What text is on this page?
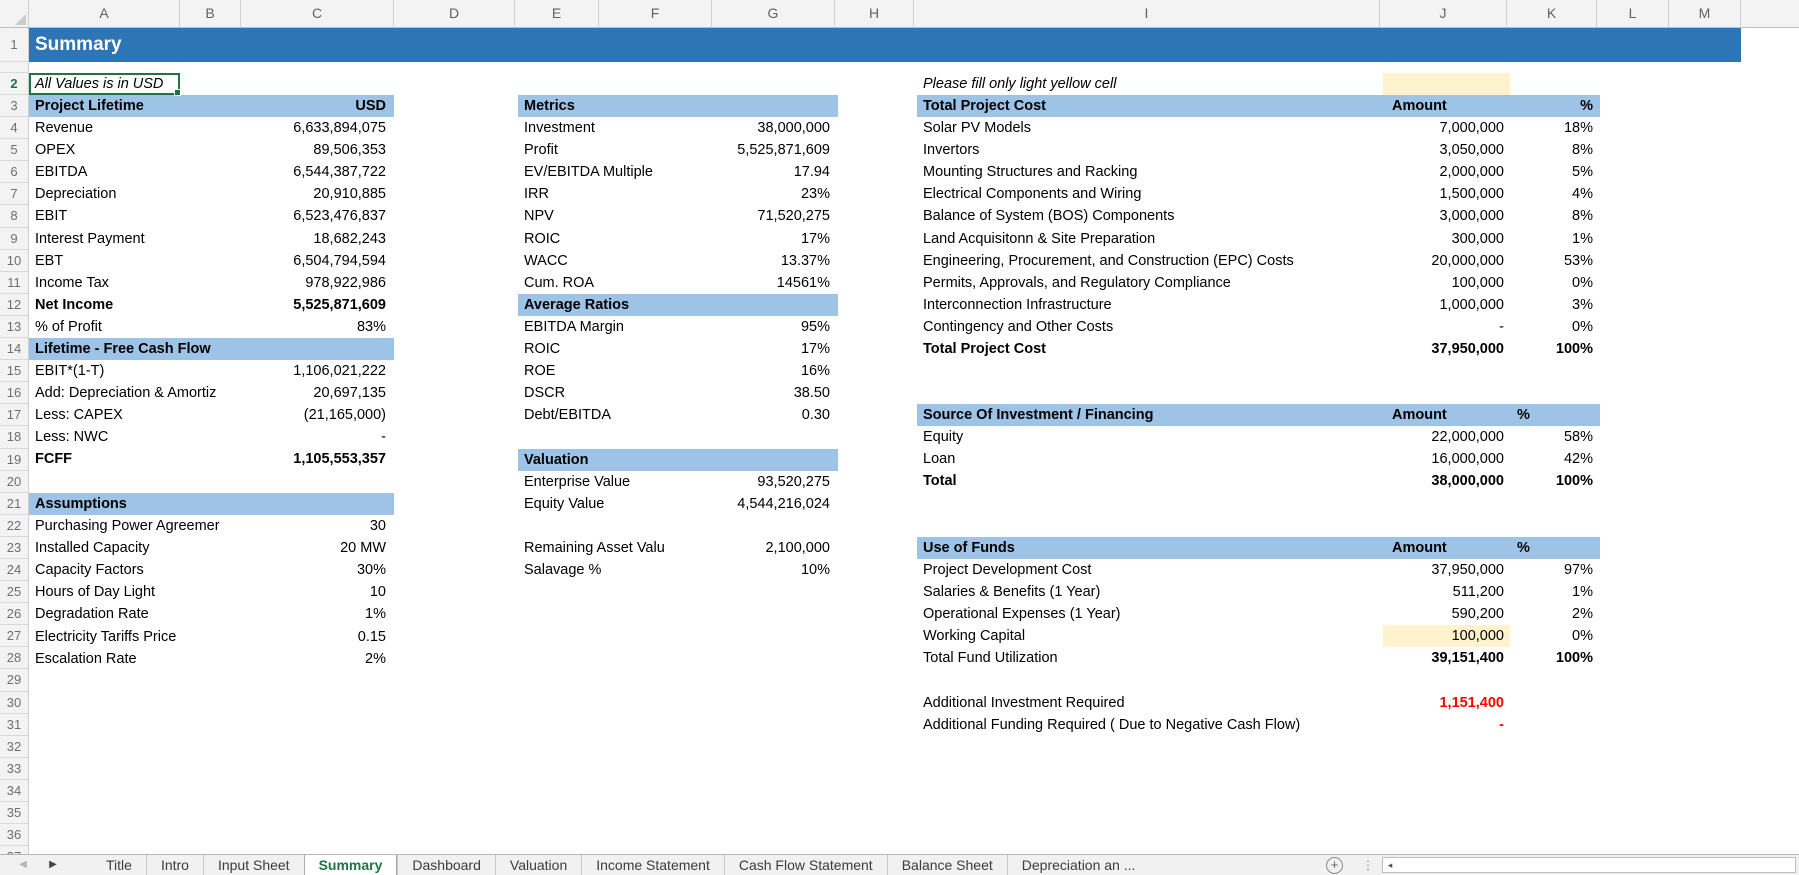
A	B	C	D	E	F	G	H	I	J	K	L	M
1
2
3
4
5
6
7
8
9
10
11
12
13
14
15
16
17
18
19
20
21
22
23
24
25
26
27
28
29
30
31
32
33
34
35
36
Summary
All Values is in USD	Please fill only light yellow cell
Project Lifetime	USD
Revenue	6,633,894,075
OPEX	89,506,353
EBITDA	6,544,387,722
Depreciation	20,910,885
EBIT	6,523,476,837
Interest Payment	18,682,243
EBT	6,504,794,594
Income Tax	978,922,986
Net Income	5,525,871,609
% of Profit	83%
Lifetime - Free Cash Flow
EBIT*(1-T)	1,106,021,222
Add: Depreciation & Amortiz	20,697,135
Less: CAPEX	(21,165,000)
Less: NWC	-
FCFF	1,105,553,357
Assumptions
Purchasing Power Agreemer	30
Installed Capacity	20 MW
Capacity Factors	30%
Hours of Day Light	10
Degradation Rate	1%
Electricity Tariffs Price	0.15
Escalation Rate	2%
Metrics
Investment	38,000,000
Profit	5,525,871,609
EV/EBITDA Multiple	17.94
IRR	23%
NPV	71,520,275
ROIC	17%
WACC	13.37%
Cum. ROA	14561%
Average Ratios
EBITDA Margin	95%
ROIC	17%
ROE	16%
DSCR	38.50
Debt/EBITDA	0.30
Valuation
Enterprise Value	93,520,275
Equity Value	4,544,216,024
Remaining Asset Valu	2,100,000
Salavage %	10%
Total Project Cost	Amount	%
Solar PV Models	7,000,000	18%
Invertors	3,050,000	8%
Mounting Structures and Racking	2,000,000	5%
Electrical Components and Wiring	1,500,000	4%
Balance of System (BOS) Components	3,000,000	8%
Land Acquisitonn & Site Preparation	300,000	1%
Engineering, Procurement, and Construction (EPC) Costs	20,000,000	53%
Permits, Approvals, and Regulatory Compliance	100,000	0%
Interconnection Infrastructure	1,000,000	3%
Contingency and Other Costs	-	0%
Total Project Cost	37,950,000	100%
Source Of Investment / Financing	Amount	%
Equity	22,000,000	58%
Loan	16,000,000	42%
Total	38,000,000	100%
Use of Funds	Amount	%
Project Development Cost	37,950,000	97%
Salaries & Benefits (1 Year)	511,200	1%
Operational Expenses (1 Year)	590,200	2%
Working Capital	100,000	0%
Total Fund Utilization	39,151,400	100%
Additional Investment Required	1,151,400
Additional Funding Required ( Due to Negative Cash Flow)	-
◀	▶	Title	Intro	Input Sheet	Summary	Dashboard	Valuation	Income Statement	Cash Flow Statement	Balance Sheet	Depreciation an ...	+	⋮	◂
